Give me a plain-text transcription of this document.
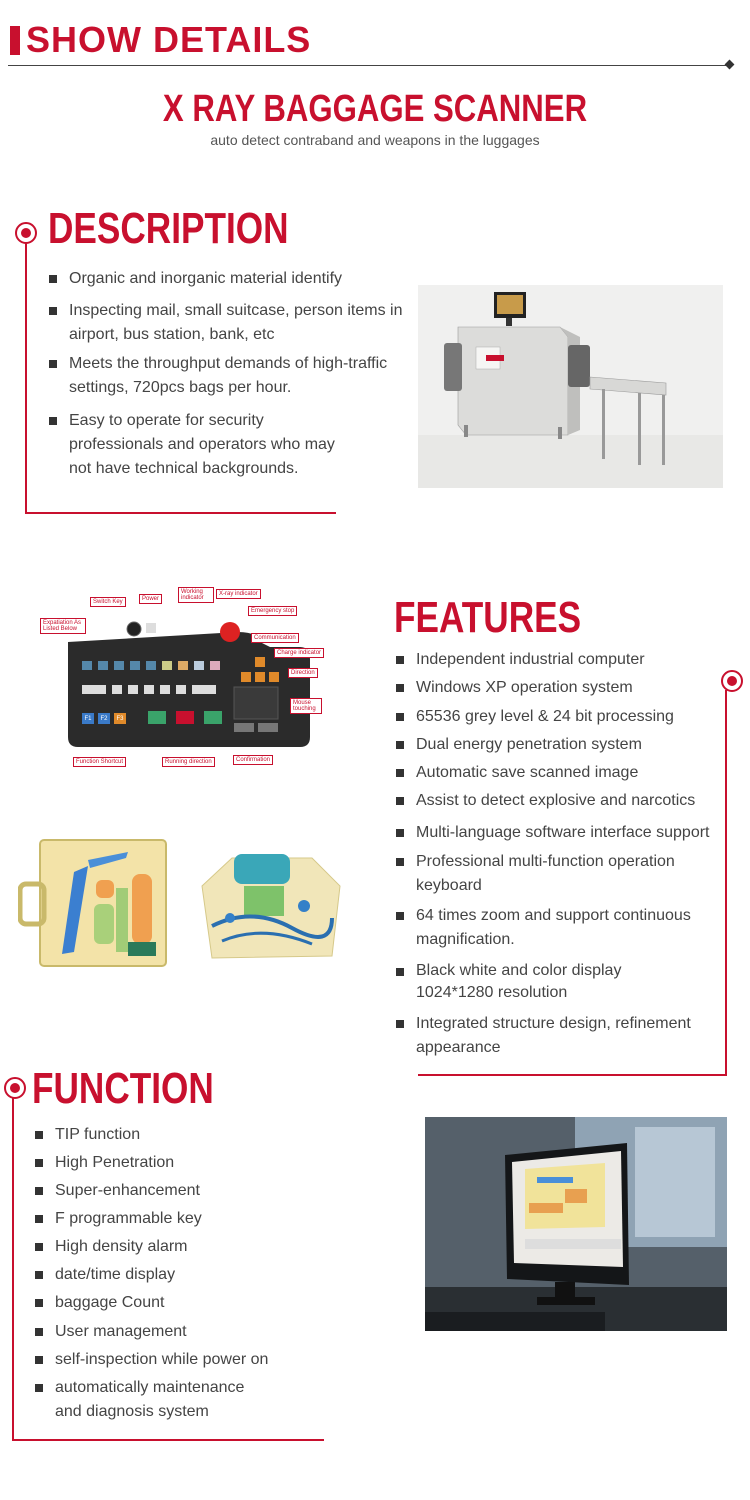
SHOW DETAILS
X RAY BAGGAGE SCANNER
auto detect contraband and weapons in the luggages
DESCRIPTION
Organic and inorganic material identify
Inspecting mail, small suitcase, person items in airport, bus station, bank, etc
Meets the throughput demands of high-traffic settings, 720pcs bags per hour.
Easy to operate for security professionals and operators who may not have technical backgrounds.
Switch Key	Power
Working indicator
X-ray indicator
Emergency stop
Expatiation As Listed Below
Communication
Charge indicator
Direction
Mouse touching
Function Shortcut	Running direction	Confirmation
F1	F2	F3
FEATURES
Independent industrial computer
Windows XP operation system
65536 grey level & 24 bit processing
Dual energy penetration system
Automatic save scanned image
Assist to detect explosive and narcotics
Multi-language software interface support
Professional multi-function operation keyboard
64 times zoom and support continuous magnification.
Black white and color display 1024*1280 resolution
Integrated structure design, refinement appearance
FUNCTION
TIP function
High Penetration
Super-enhancement
F programmable key
High density alarm
date/time display
baggage Count
User management
self-inspection while power on
automatically maintenance and diagnosis system
